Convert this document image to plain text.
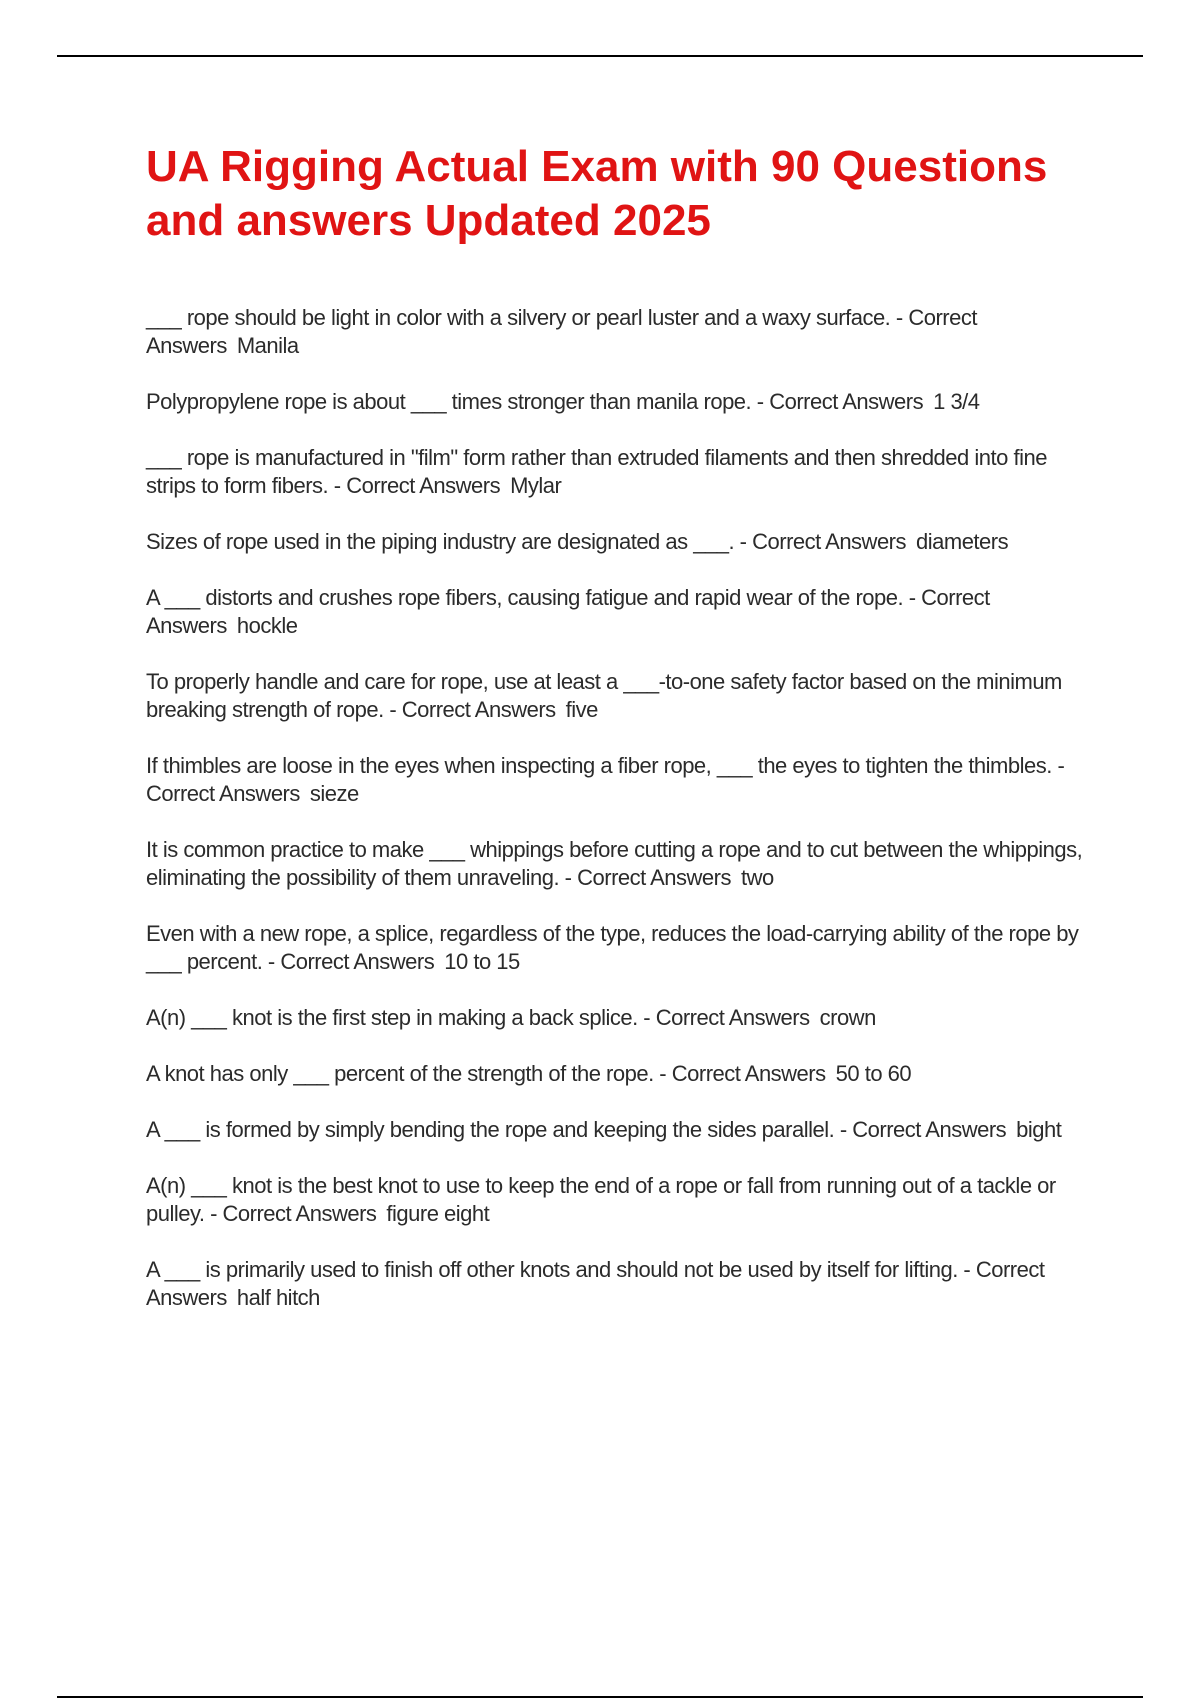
UA Rigging Actual Exam with 90 Questions and answers Updated 2025
___ rope should be light in color with a silvery or pearl luster and a waxy surface. - Correct Answers Manila
Polypropylene rope is about ___ times stronger than manila rope. - Correct Answers 1 3/4
___ rope is manufactured in "film" form rather than extruded filaments and then shredded into fine strips to form fibers. - Correct Answers Mylar
Sizes of rope used in the piping industry are designated as ___. - Correct Answers diameters
A ___ distorts and crushes rope fibers, causing fatigue and rapid wear of the rope. - Correct Answers hockle
To properly handle and care for rope, use at least a ___-to-one safety factor based on the minimum breaking strength of rope. - Correct Answers five
If thimbles are loose in the eyes when inspecting a fiber rope, ___ the eyes to tighten the thimbles. - Correct Answers sieze
It is common practice to make ___ whippings before cutting a rope and to cut between the whippings, eliminating the possibility of them unraveling. - Correct Answers two
Even with a new rope, a splice, regardless of the type, reduces the load-carrying ability of the rope by ___ percent. - Correct Answers 10 to 15
A(n) ___ knot is the first step in making a back splice. - Correct Answers crown
A knot has only ___ percent of the strength of the rope. - Correct Answers 50 to 60
A ___ is formed by simply bending the rope and keeping the sides parallel. - Correct Answers bight
A(n) ___ knot is the best knot to use to keep the end of a rope or fall from running out of a tackle or pulley. - Correct Answers figure eight
A ___ is primarily used to finish off other knots and should not be used by itself for lifting. - Correct Answers half hitch
